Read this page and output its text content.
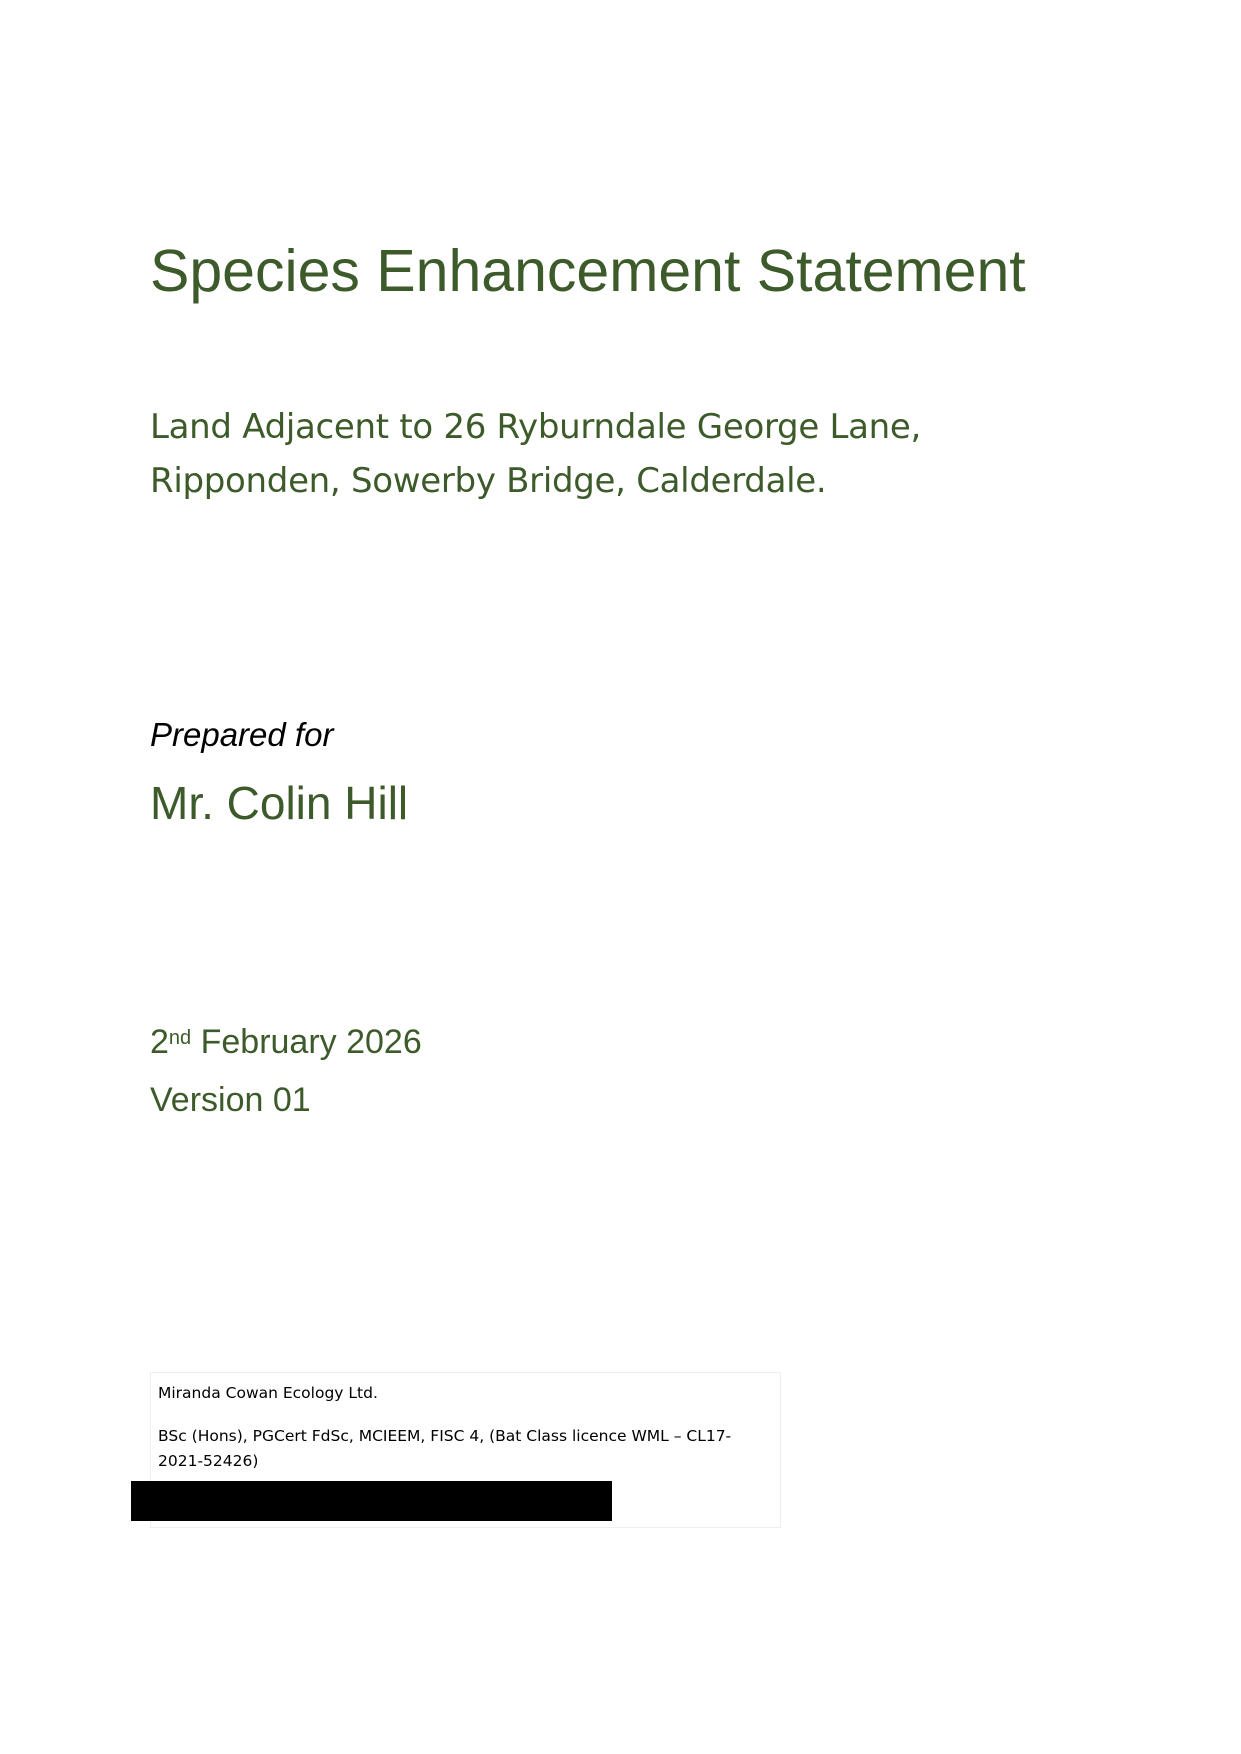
Species Enhancement Statement
Land Adjacent to 26 Ryburndale George Lane,
Ripponden, Sowerby Bridge, Calderdale.

Prepared for

Mr. Colin Hill

2nd February 2026

Version 01

Miranda Cowan Ecology Ltd.

BSc (Hons), PGCert FdSc, MCIEEM, FISC 4, (Bat Class licence WML – CL17-2021-52426)
